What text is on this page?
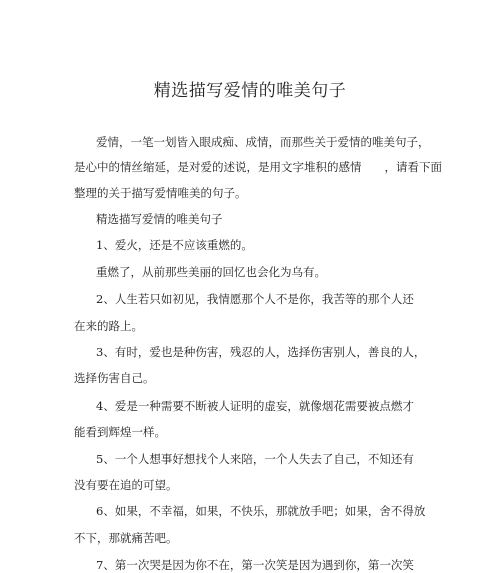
精选描写爱情的唯美句子
爱情，一笔一划皆入眼成痴、成情，而那些关于爱情的唯美句子，
是心中的情丝缩延，是对爱的述说，是用文字堆积的感情　　，请看下面
整理的关于描写爱情唯美的句子。
精选描写爱情的唯美句子
1、爱火，还是不应该重燃的。
重燃了，从前那些美丽的回忆也会化为乌有。
2、人生若只如初见，我情愿那个人不是你，我苦等的那个人还
在来的路上。
3、有时，爱也是种伤害，残忍的人，选择伤害别人，善良的人，
选择伤害自己。
4、爱是一种需要不断被人证明的虚妄，就像烟花需要被点燃才
能看到辉煌一样。
5、一个人想事好想找个人来陪，一个人失去了自己，不知还有
没有要在追的可望。
6、如果，不幸福，如果，不快乐，那就放手吧；如果，舍不得放
不下，那就痛苦吧。
7、第一次哭是因为你不在，第一次笑是因为遇到你，第一次笑
